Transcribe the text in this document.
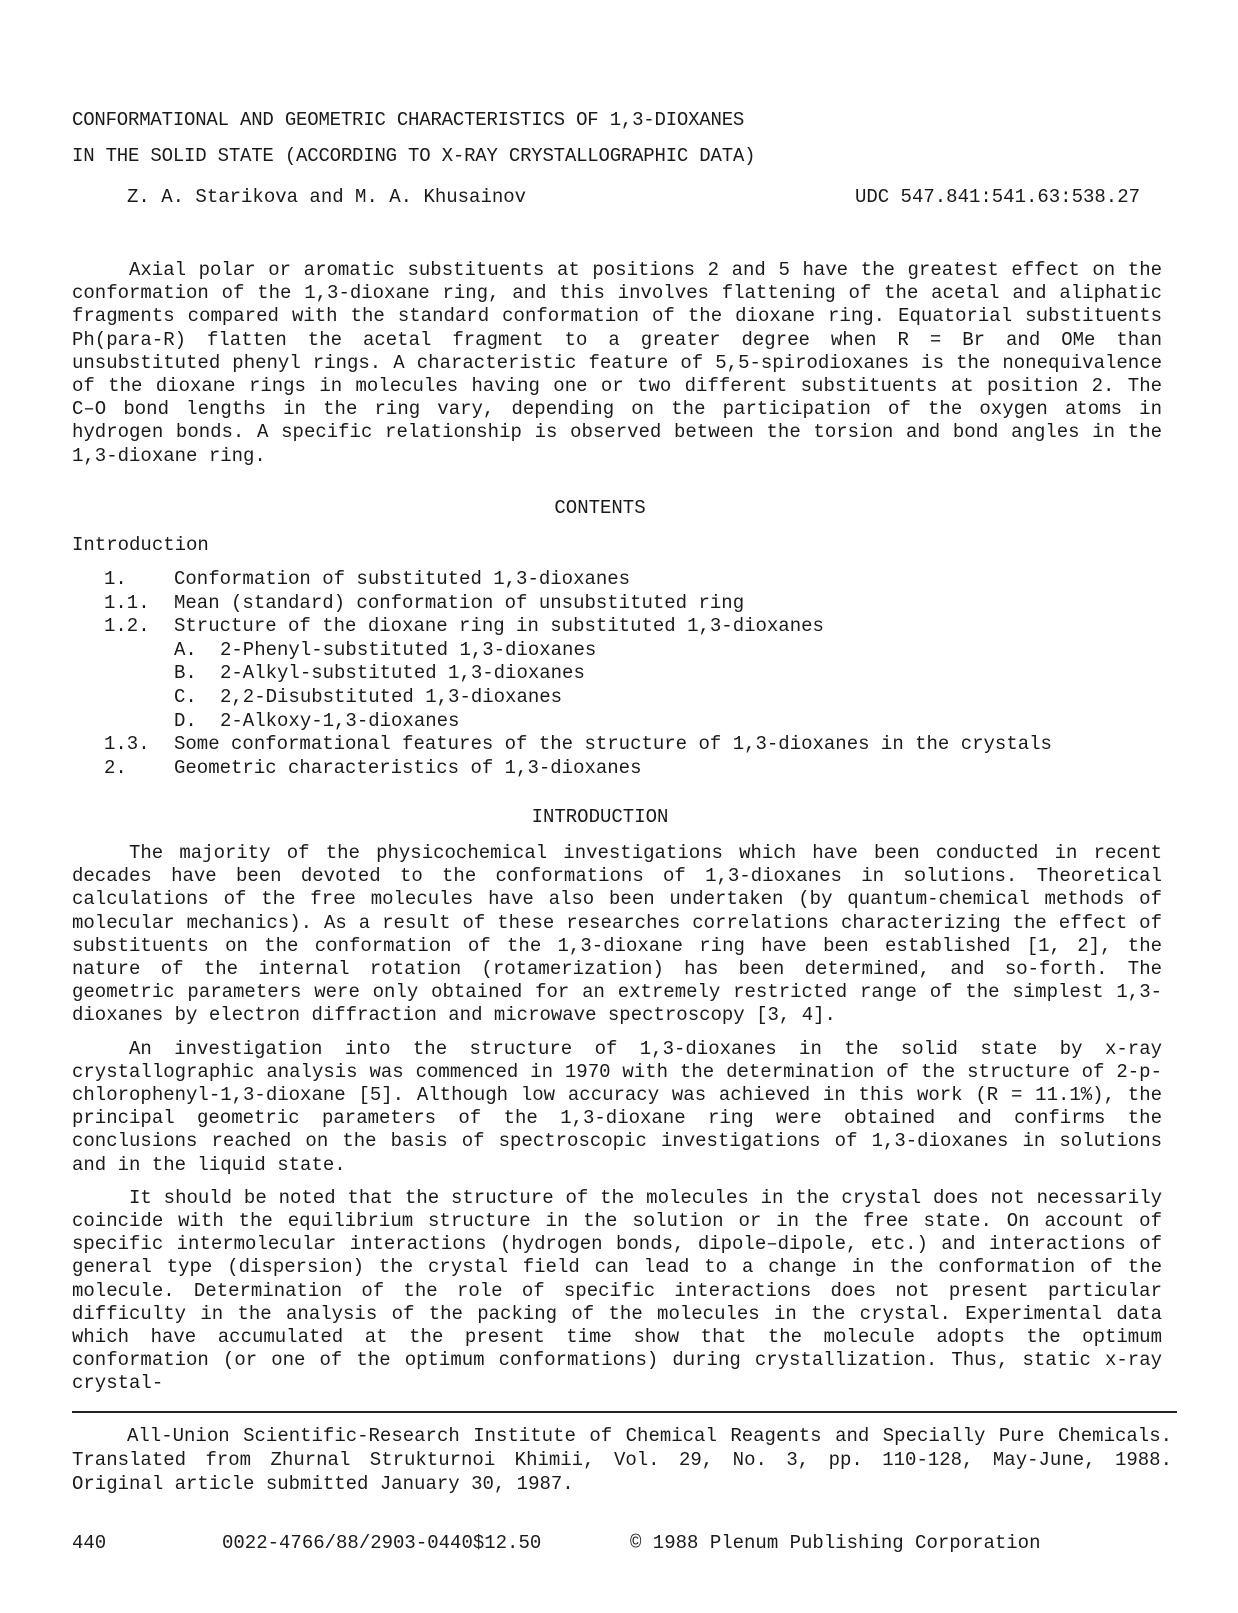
CONFORMATIONAL AND GEOMETRIC CHARACTERISTICS OF 1,3-DIOXANES
IN THE SOLID STATE (ACCORDING TO X-RAY CRYSTALLOGRAPHIC DATA)
Z. A. Starikova and M. A. Khusainov	UDC 547.841:541.63:538.27
Axial polar or aromatic substituents at positions 2 and 5 have the greatest effect on the conformation of the 1,3-dioxane ring, and this involves flattening of the acetal and aliphatic fragments compared with the standard conformation of the dioxane ring. Equatorial substituents Ph(para-R) flatten the acetal fragment to a greater degree when R = Br and OMe than unsubstituted phenyl rings. A characteristic feature of 5,5-spirodioxanes is the nonequivalence of the dioxane rings in molecules having one or two different substituents at position 2. The C–O bond lengths in the ring vary, depending on the participation of the oxygen atoms in hydrogen bonds. A specific relationship is observed between the torsion and bond angles in the 1,3-dioxane ring.
CONTENTS
Introduction
1.	Conformation of substituted 1,3-dioxanes
1.1.	Mean (standard) conformation of unsubstituted ring
1.2.	Structure of the dioxane ring in substituted 1,3-dioxanes
A.	2-Phenyl-substituted 1,3-dioxanes
B.	2-Alkyl-substituted 1,3-dioxanes
C.	2,2-Disubstituted 1,3-dioxanes
D.	2-Alkoxy-1,3-dioxanes
1.3.	Some conformational features of the structure of 1,3-dioxanes in the crystals
2.	Geometric characteristics of 1,3-dioxanes
INTRODUCTION

The majority of the physicochemical investigations which have been conducted in recent decades have been devoted to the conformations of 1,3-dioxanes in solutions. Theoretical calculations of the free molecules have also been undertaken (by quantum-chemical methods of molecular mechanics). As a result of these researches correlations characterizing the effect of substituents on the conformation of the 1,3-dioxane ring have been established [1, 2], the nature of the internal rotation (rotamerization) has been determined, and so-forth. The geometric parameters were only obtained for an extremely restricted range of the simplest 1,3-dioxanes by electron diffraction and microwave spectroscopy [3, 4].

An investigation into the structure of 1,3-dioxanes in the solid state by x-ray crystallographic analysis was commenced in 1970 with the determination of the structure of 2-p-chlorophenyl-1,3-dioxane [5]. Although low accuracy was achieved in this work (R = 11.1%), the principal geometric parameters of the 1,3-dioxane ring were obtained and confirms the conclusions reached on the basis of spectroscopic investigations of 1,3-dioxanes in solutions and in the liquid state.

It should be noted that the structure of the molecules in the crystal does not necessarily coincide with the equilibrium structure in the solution or in the free state. On account of specific intermolecular interactions (hydrogen bonds, dipole–dipole, etc.) and interactions of general type (dispersion) the crystal field can lead to a change in the conformation of the molecule. Determination of the role of specific interactions does not present particular difficulty in the analysis of the packing of the molecules in the crystal. Experimental data which have accumulated at the present time show that the molecule adopts the optimum conformation (or one of the optimum conformations) during crystallization. Thus, static x-ray crystal-

All-Union Scientific-Research Institute of Chemical Reagents and Specially Pure Chemicals. Translated from Zhurnal Strukturnoi Khimii, Vol. 29, No. 3, pp. 110-128, May-June, 1988. Original article submitted January 30, 1987.
440	0022-4766/88/2903-0440$12.50	© 1988 Plenum Publishing Corporation
